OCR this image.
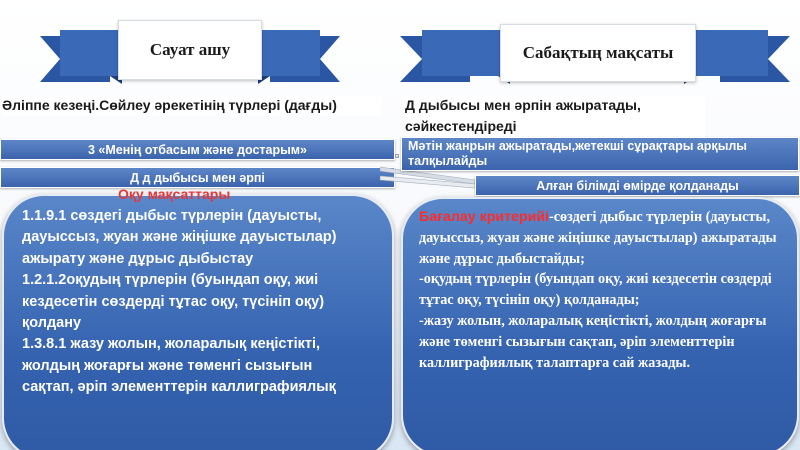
Сауат ашу	Сабақтың мақсаты
Әліппе кезеңі.Сөйлеу әрекетінің түрлері (дағды)	Д дыбысы мен әрпін ажыратады, сәйкестендіреді
3 «Менің отбасым және достарым»
Д д дыбысы мен әрпі
Мәтін жанрын ажыратады,жетекші сұрақтары арқылы талқылайды
Алған білімді өмірде қолданады
1.1.9.1 сөздегі дыбыс түрлерін (дауысты, дауыссыз, жуан және жіңішке дауыстылар) ажырату және дұрыс дыбыстау
1.2.1.2оқудың түрлерін (буындап оқу, жиі кездесетін сөздерді тұтас оқу, түсініп оқу) қолдану
1.3.8.1 жазу жолын, жоларалық кеңістікті, жолдың жоғарғы және төменгі сызығын сақтап, әріп элементтерін каллиграфиялық
Оқу мақсаттары
Бағалау критерийі-сөздегі дыбыс түрлерін (дауысты, дауыссыз, жуан және жіңішке дауыстылар) ажыратады және дұрыс дыбыстайды;
-оқудың түрлерін (буындап оқу, жиі кездесетін сөздерді тұтас оқу, түсініп оқу) қолданады;
-жазу жолын, жоларалық кеңістікті, жолдың жоғарғы және төменгі сызығын сақтап, әріп элементтерін каллиграфиялық талаптарға сай жазады.
